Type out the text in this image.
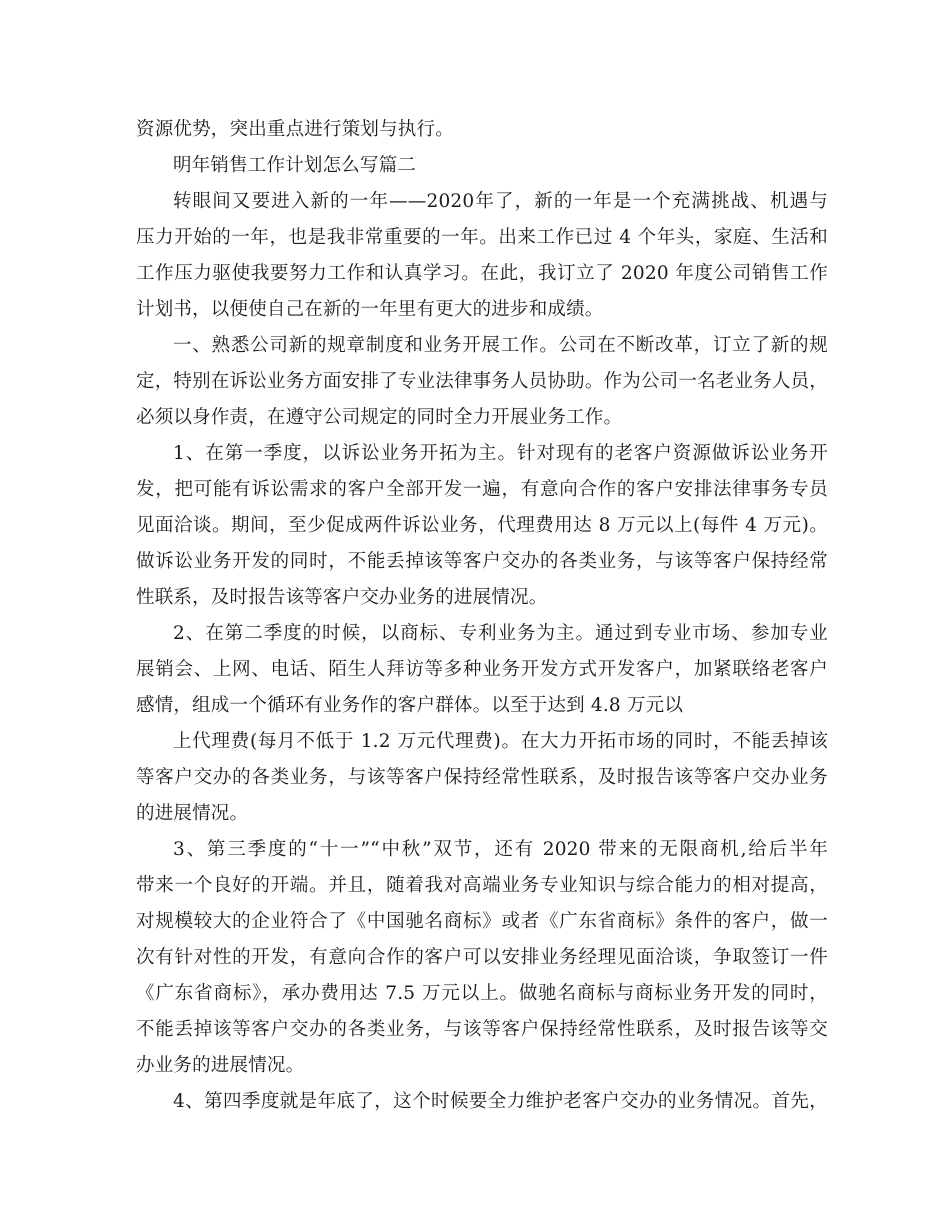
资源优势，突出重点进行策划与执行。
明年销售工作计划怎么写篇二
转眼间又要进入新的一年——2020年了，新的一年是一个充满挑战、机遇与
压力开始的一年，也是我非常重要的一年。出来工作已过 4 个年头，家庭、生活和
工作压力驱使我要努力工作和认真学习。在此，我订立了 2020 年度公司销售工作
计划书，以便使自己在新的一年里有更大的进步和成绩。
一、熟悉公司新的规章制度和业务开展工作。公司在不断改革，订立了新的规
定，特别在诉讼业务方面安排了专业法律事务人员协助。作为公司一名老业务人员，
必须以身作责，在遵守公司规定的同时全力开展业务工作。
1、在第一季度，以诉讼业务开拓为主。针对现有的老客户资源做诉讼业务开
发，把可能有诉讼需求的客户全部开发一遍，有意向合作的客户安排法律事务专员
见面洽谈。期间，至少促成两件诉讼业务，代理费用达 8 万元以上(每件 4 万元)。
做诉讼业务开发的同时，不能丢掉该等客户交办的各类业务，与该等客户保持经常
性联系，及时报告该等客户交办业务的进展情况。
2、在第二季度的时候，以商标、专利业务为主。通过到专业市场、参加专业
展销会、上网、电话、陌生人拜访等多种业务开发方式开发客户，加紧联络老客户
感情，组成一个循环有业务作的客户群体。以至于达到 4.8 万元以
上代理费(每月不低于 1.2 万元代理费)。在大力开拓市场的同时，不能丢掉该
等客户交办的各类业务，与该等客户保持经常性联系，及时报告该等客户交办业务
的进展情况。
3、第三季度的“十一”“中秋”双节，还有 2020 带来的无限商机,给后半年
带来一个良好的开端。并且，随着我对高端业务专业知识与综合能力的相对提高，
对规模较大的企业符合了《中国驰名商标》或者《广东省商标》条件的客户，做一
次有针对性的开发，有意向合作的客户可以安排业务经理见面洽谈，争取签订一件
《广东省商标》，承办费用达 7.5 万元以上。做驰名商标与商标业务开发的同时，
不能丢掉该等客户交办的各类业务，与该等客户保持经常性联系，及时报告该等交
办业务的进展情况。
4、第四季度就是年底了，这个时候要全力维护老客户交办的业务情况。首先，
